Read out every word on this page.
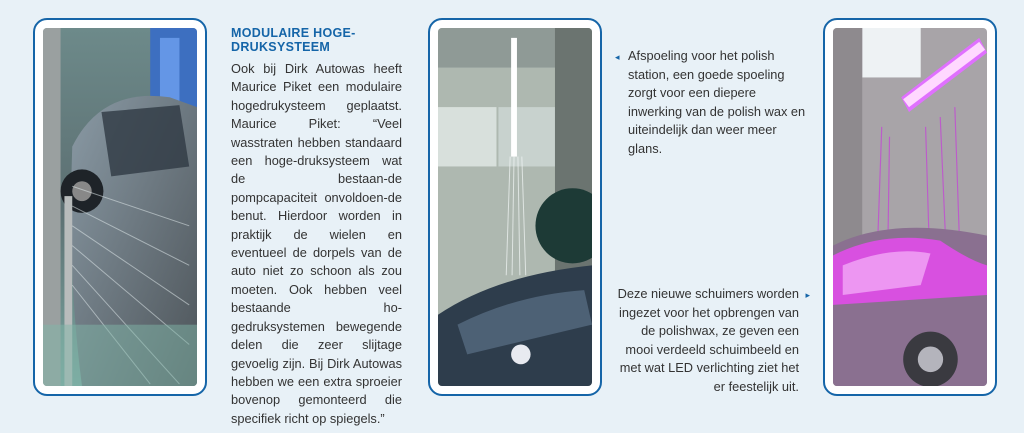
MODULAIRE HOGE-DRUKSYSTEEM

Ook bij Dirk Autowas heeft Maurice Piket een modulaire hogedrukysteem geplaatst. Maurice Piket: “Veel wasstraten hebben standaard een hoge-druksysteem wat de bestaan-de pompcapaciteit onvoldoen-de benut. Hierdoor worden in praktijk de wielen en eventueel de dorpels van de auto niet zo schoon als zou moeten. Ook hebben veel bestaande ho-gedruksystemen bewegende delen die zeer slijtage gevoelig zijn. Bij Dirk Autowas hebben we een extra sproeier bovenop gemonteerd die specifiek richt op spiegels.”

◂ Afspoeling voor het polish station, een goede spoeling zorgt voor een diepere inwerking van de polish wax en uiteindelijk dan weer meer glans.
Deze nieuwe schuimers worden ingezet voor het opbrengen van de polishwax, ze geven een mooi verdeeld schuimbeeld en met wat LED verlichting ziet het er feestelijk uit.
▸
